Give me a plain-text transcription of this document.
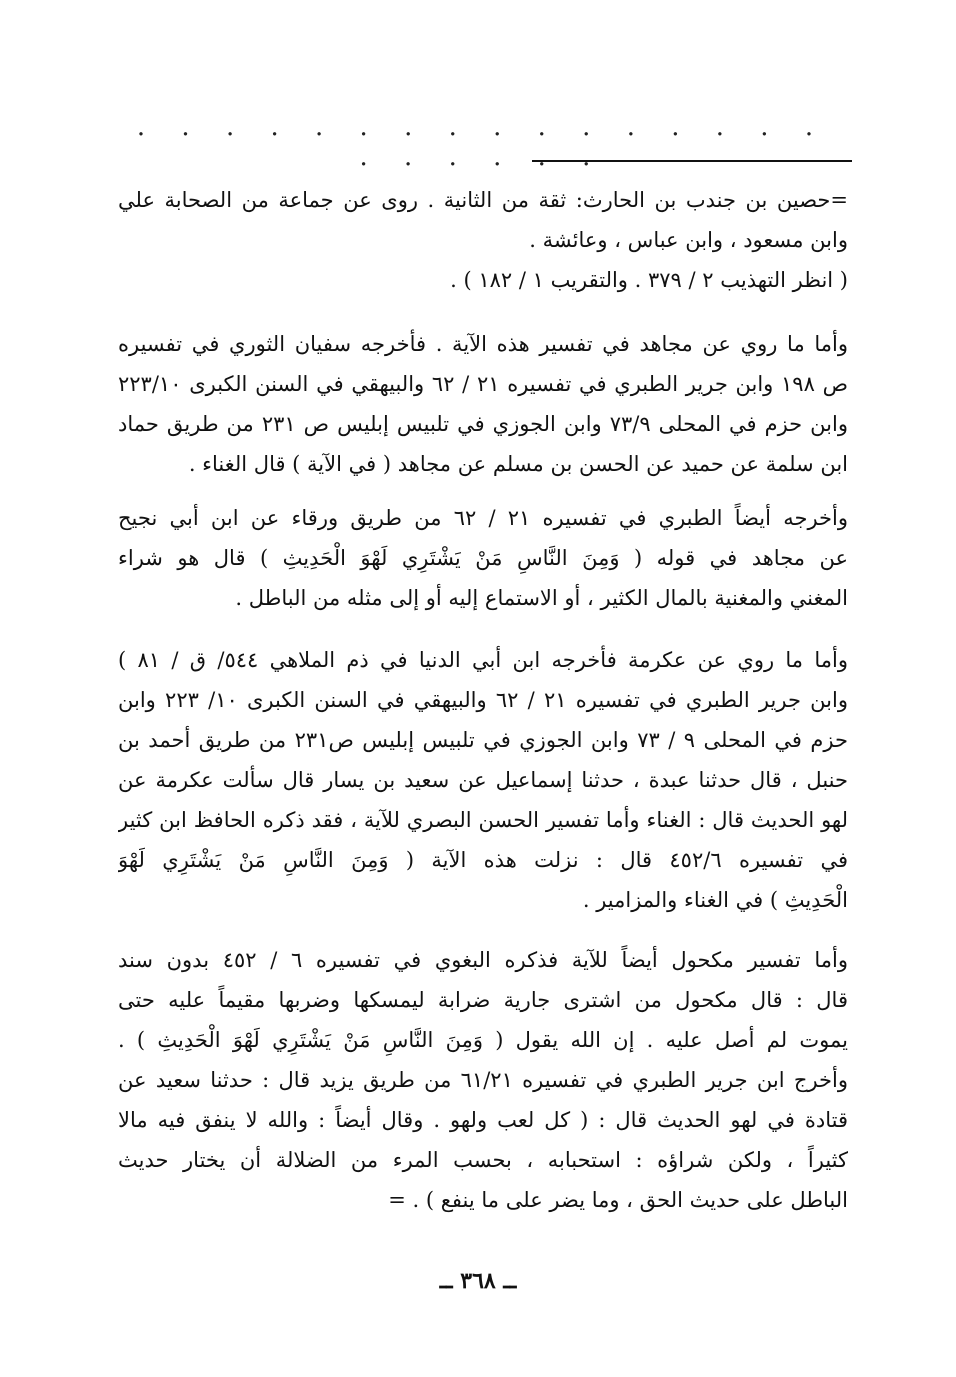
· · · · · · · · · · · · · · · · · · · · · ·
=حصين بن جندب بن الحارث: ثقة من الثانية . روى عن جماعة من الصحابة علي
وابن مسعود ، وابن عباس ، وعائشة .
( انظر التهذيب ٢ / ٣٧٩ . والتقريب ١ / ١٨٢ ) .
وأما ما روي عن مجاهد في تفسير هذه الآية . فأخرجه سفيان الثوري في تفسيره
ص ١٩٨ وابن جرير الطبري في تفسيره ٢١ / ٦٢ والبيهقي في السنن الكبرى ٢٢٣/١٠
وابن حزم في المحلى ٧٣/٩ وابن الجوزي في تلبيس إبليس ص ٢٣١ من طريق حماد
ابن سلمة عن حميد عن الحسن بن مسلم عن مجاهد ( في الآية ) قال الغناء .
وأخرجه أيضاً الطبري في تفسيره ٢١ / ٦٢ من طريق ورقاء عن ابن أبي نجيح
عن مجاهد في قوله ( وَمِنَ النَّاسِ مَنْ يَشْتَرِي لَهْوَ الْحَدِيثِ ) قال هو شراء
المغني والمغنية بالمال الكثير ، أو الاستماع إليه أو إلى مثله من الباطل .
وأما ما روي عن عكرمة فأخرجه ابن أبي الدنيا في ذم الملاهي ٥٤٤/ ق / ٨١ )
وابن جرير الطبري في تفسيره ٢١ / ٦٢ والبيهقي في السنن الكبرى ١٠/ ٢٢٣ وابن
حزم في المحلى ٩ / ٧٣ وابن الجوزي في تلبيس إبليس ص٢٣١ من طريق أحمد بن
حنبل ، قال حدثنا عبدة ، حدثنا إسماعيل عن سعيد بن يسار قال سألت عكرمة عن
لهو الحديث قال : الغناء وأما تفسير الحسن البصري للآية ، فقد ذكره الحافظ ابن كثير
في تفسيره ٤٥٢/٦ قال : نزلت هذه الآية ( وَمِنَ النَّاسِ مَنْ يَشْتَرِي لَهْوَ
الْحَدِيثِ ) في الغناء والمزامير .
وأما تفسير مكحول أيضاً للآية فذكره البغوي في تفسيره ٦ / ٤٥٢ بدون سند
قال : قال مكحول من اشترى جارية ضرابة ليمسكها وضربها مقيماً عليه حتى
يموت لم أصل عليه . إن الله يقول ( وَمِنَ النَّاسِ مَنْ يَشْتَرِي لَهْوَ الْحَدِيثِ ) .
وأخرج ابن جرير الطبري في تفسيره ٦١/٢١ من طريق يزيد قال : حدثنا سعيد عن
قتادة في لهو الحديث قال : ( كل لعب ولهو . وقال أيضاً : والله لا ينفق فيه مالا
كثيراً ، ولكن شراؤه : استحبابه ، بحسب المرء من الضلالة أن يختار حديث
الباطل على حديث الحق ، وما يضر على ما ينفع ) . =
ــ ٣٦٨ ــ
